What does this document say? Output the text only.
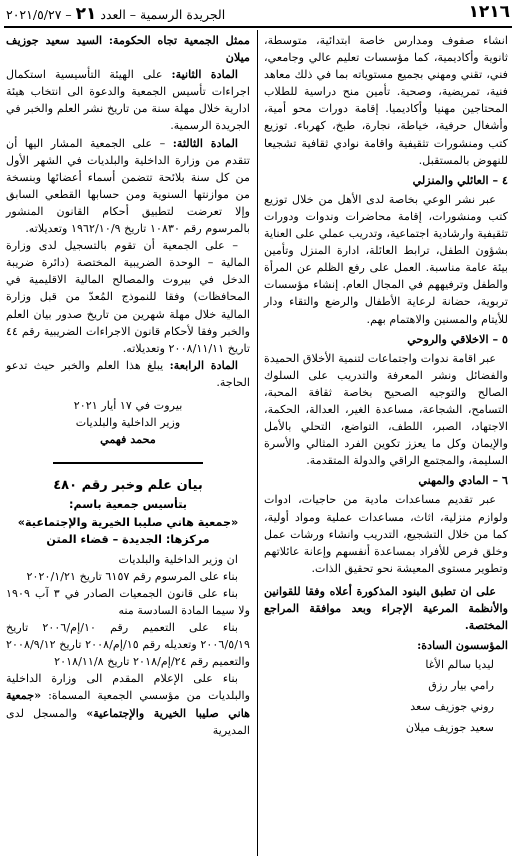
١٢١٦
الجريدة الرسمية – العدد ٢١ – ٢٠٢١/٥/٢٧

انشاء صفوف ومدارس خاصة ابتدائية، متوسطة، ثانوية وأكاديمية، كما مؤسسات تعليم عالي وجامعي، فني، تقني ومهني بجميع مستوياته بما في ذلك معاهد فنية، تمريضية، وصحية. تأمين منح دراسية للطلاب المحتاجين مهنيا وأكاديميا. إقامة دورات محو أمية، وأشغال حرفية، خياطة، نجارة، طبخ، كهرباء. توزيع كتب ومنشورات تثقيفية واقامة نوادي ثقافية تشجيعا للنهوض بالمستقبل.

٤ – العائلي والمنزلي

عبر نشر الوعي بخاصة لدى الأهل من خلال توزيع كتب ومنشورات، إقامة محاضرات وندوات ودورات تثقيفية وارشادية اجتماعية، وتدريب عملي على العناية بشؤون الطفل، ترابط العائلة، ادارة المنزل وتأمين بيئة عامة مناسبة. العمل على رفع الظلم عن المرأة والطفل وترفيههم في المجال العام. إنشاء مؤسسات تربوية، حضانة لرعاية الأطفال والرضع والتقاء ودار للأيتام والمسنين والاهتمام بهم.

٥ – الاخلاقي والروحي

عبر اقامة ندوات واجتماعات لتنمية الأخلاق الحميدة والفضائل ونشر المعرفة والتدريب على السلوك الصالح والتوجيه الصحيح بخاصة ثقافة المحبة، التسامح، الشجاعة، مساعدة الغير، العدالة، الحكمة، الاجتهاد، الصبر، اللطف، التواضع، التحلي بالأمل والإيمان وكل ما يعزز تكوين الفرد المثالي والأسرة السليمة، والمجتمع الراقي والدولة المتقدمة.

٦ – المادي والمهني

عبر تقديم مساعدات مادية من حاجيات، ادوات ولوازم منزلية، اثاث، مساعدات عملية ومواد أولية، كما من خلال التشجيع، التدريب وانشاء ورشات عمل وخلق فرص للأفراد بمساعدة أنفسهم وإعانة عائلاتهم وتطوير مستوى المعيشة نحو تحقيق الذات.

على ان تطبق البنود المذكورة أعلاه وفقا للقوانين والأنظمة المرعية الإجراء وبعد موافقة المراجع المختصة.

المؤسسون السادة:

ليديا سالم الأغا

رامي بيار رزق

روني جوزيف سعد

سعيد جوزيف ميلان

ممثل الجمعية تجاه الحكومة: السيد سعيد جوزيف ميلان

المادة الثانية: على الهيئة التأسيسية استكمال اجراءات تأسيس الجمعية والدعوة الى انتخاب هيئة ادارية خلال مهلة سنة من تاريخ نشر العلم والخبر في الجريدة الرسمية.

المادة الثالثة: – على الجمعية المشار اليها أن تتقدم من وزارة الداخلية والبلديات في الشهر الأول من كل سنة بلائحة تتضمن أسماء أعضائها وبنسخة من موازنتها السنوية ومن حسابها القطعي السابق وإلا تعرضت لتطبيق أحكام القانون المنشور بالمرسوم رقم ١٠٨٣٠ تاريخ ١٩٦٢/١٠/٩ وتعديلاته.

– على الجمعية أن تقوم بالتسجيل لدى وزارة المالية – الوحدة الضريبية المختصة (دائرة ضريبة الدخل في بيروت والمصالح المالية الاقليمية في المحافظات) وفقا للنموذج المُعدّ من قبل وزارة المالية خلال مهلة شهرين من تاريخ صدور بيان العلم والخبر وفقا لأحكام قانون الاجراءات الضريبية رقم ٤٤ تاريخ ٢٠٠٨/١١/١١ وتعديلاته.

المادة الرابعة: يبلغ هذا العلم والخبر حيث تدعو الحاجة.

بيروت في ١٧ أيار ٢٠٢١

وزير الداخلية والبلديات

محمد فهمي

بيان علم وخبر رقم ٤٨٠

بتأسيس جمعية باسم:

«جمعية هاني صليبا الخيرية والإجتماعية»

مركزها: الجديدة – قضاء المتن

ان وزير الداخلية والبلديات

بناء على المرسوم رقم ٦١٥٧ تاريخ ٢٠٢٠/١/٢١

بناء على قانون الجمعيات الصادر في ٣ آب ١٩٠٩ ولا سيما المادة السادسة منه

بناء على التعميم رقم ١٠/إم/٢٠٠٦ تاريخ ٢٠٠٦/٥/١٩ وتعديله رقم ١٥/إم/٢٠٠٨ تاريخ ٢٠٠٨/٩/١٢ والتعميم رقم ٢٤/إم/٢٠١٨ تاريخ ٢٠١٨/١١/٨

بناء على الإعلام المقدم الى وزارة الداخلية والبلديات من مؤسسي الجمعية المسماة: «جمعية هاني صليبا الخيرية والإجتماعية» والمسجل لدى المديرية
